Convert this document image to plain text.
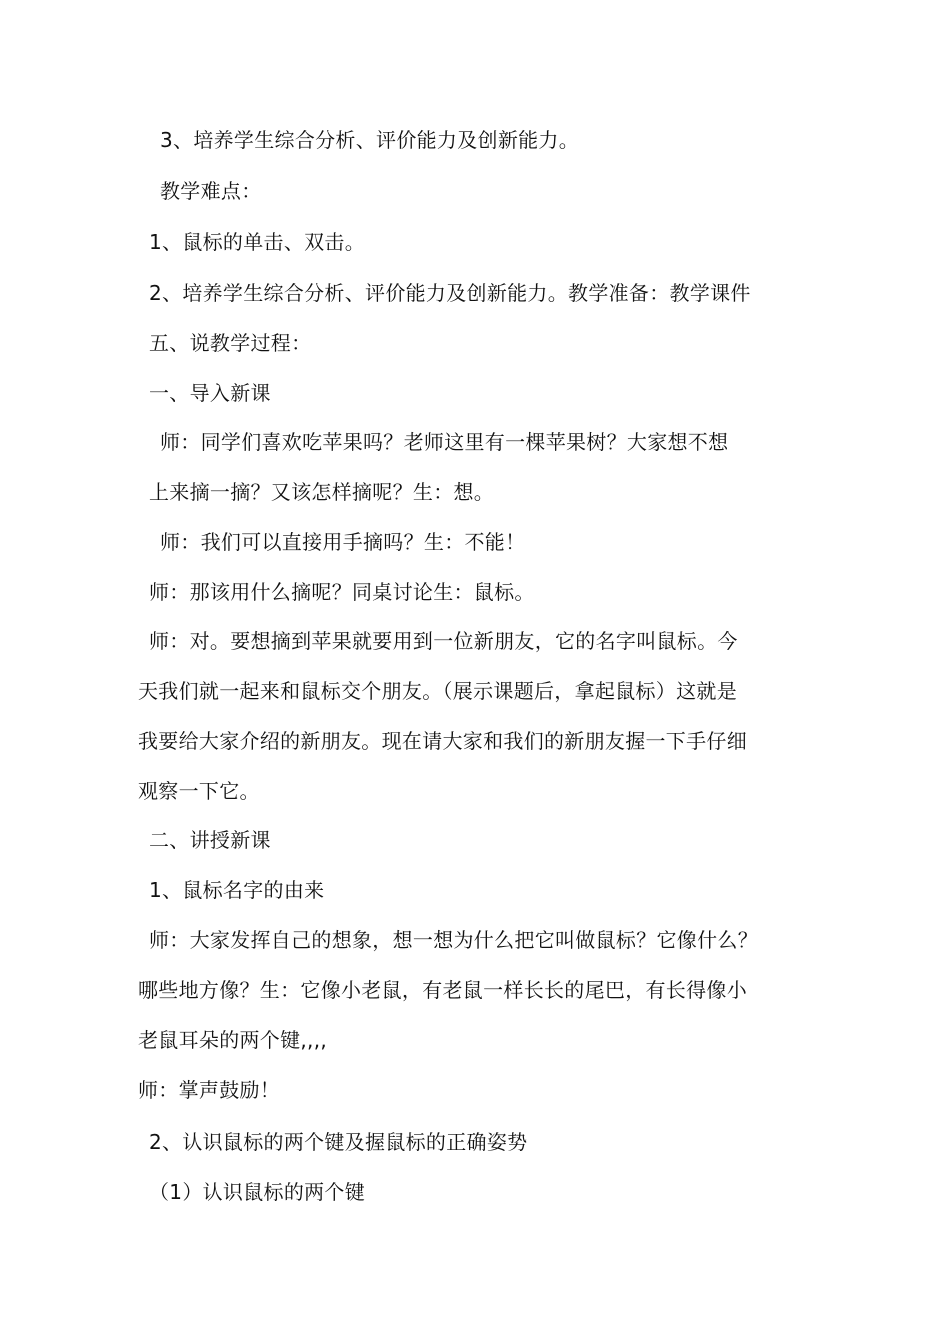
3、培养学生综合分析、评价能力及创新能力。
教学难点：
1、鼠标的单击、双击。
2、培养学生综合分析、评价能力及创新能力。教学准备：教学课件
五、说教学过程：
一、导入新课
师：同学们喜欢吃苹果吗？老师这里有一棵苹果树？大家想不想
上来摘一摘？又该怎样摘呢？生：想。
师：我们可以直接用手摘吗？生：不能！
师：那该用什么摘呢？同桌讨论生：鼠标。
师：对。要想摘到苹果就要用到一位新朋友，它的名字叫鼠标。今
天我们就一起来和鼠标交个朋友。（展示课题后，拿起鼠标）这就是
我要给大家介绍的新朋友。现在请大家和我们的新朋友握一下手仔细
观察一下它。
二、讲授新课
1、鼠标名字的由来
师：大家发挥自己的想象，想一想为什么把它叫做鼠标？它像什么？
哪些地方像？生：它像小老鼠，有老鼠一样长长的尾巴，有长得像小
老鼠耳朵的两个键,,,,
师：掌声鼓励！
2、认识鼠标的两个键及握鼠标的正确姿势
（1）认识鼠标的两个键
